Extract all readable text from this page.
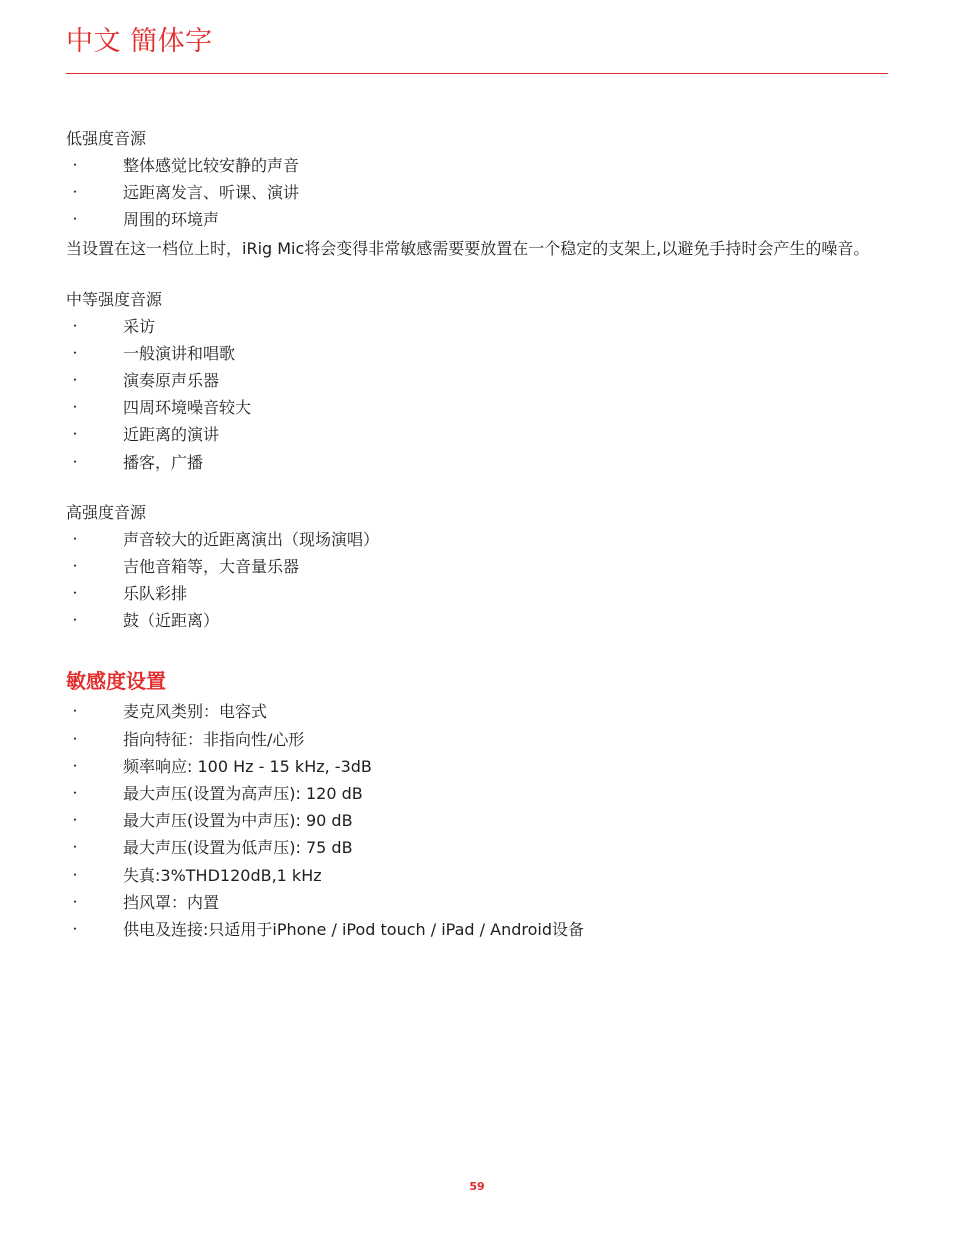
中文 簡体字
低强度音源
・	整体感觉比较安静的声音
・	远距离发言、听课、演讲
・	周围的环境声
当设置在这一档位上时，iRig Mic将会变得非常敏感需要要放置在一个稳定的支架上,以避免手持时会产生的噪音。
中等强度音源
・	采访
・	一般演讲和唱歌
・	演奏原声乐器
・	四周环境噪音较大
・	近距离的演讲
・	播客，广播
高强度音源
・	声音较大的近距离演出（现场演唱）
・	吉他音箱等，大音量乐器
・	乐队彩排
・	鼓（近距离）
敏感度设置
・	麦克风类别：电容式
・	指向特征：非指向性/心形
・	频率响应: 100 Hz - 15 kHz, -3dB
・	最大声压(设置为高声压): 120 dB
・	最大声压(设置为中声压): 90 dB
・	最大声压(设置为低声压): 75 dB
・	失真:3%THD120dB,1 kHz
・	挡风罩：内置
・	供电及连接:只适用于iPhone / iPod touch / iPad / Android设备
59
